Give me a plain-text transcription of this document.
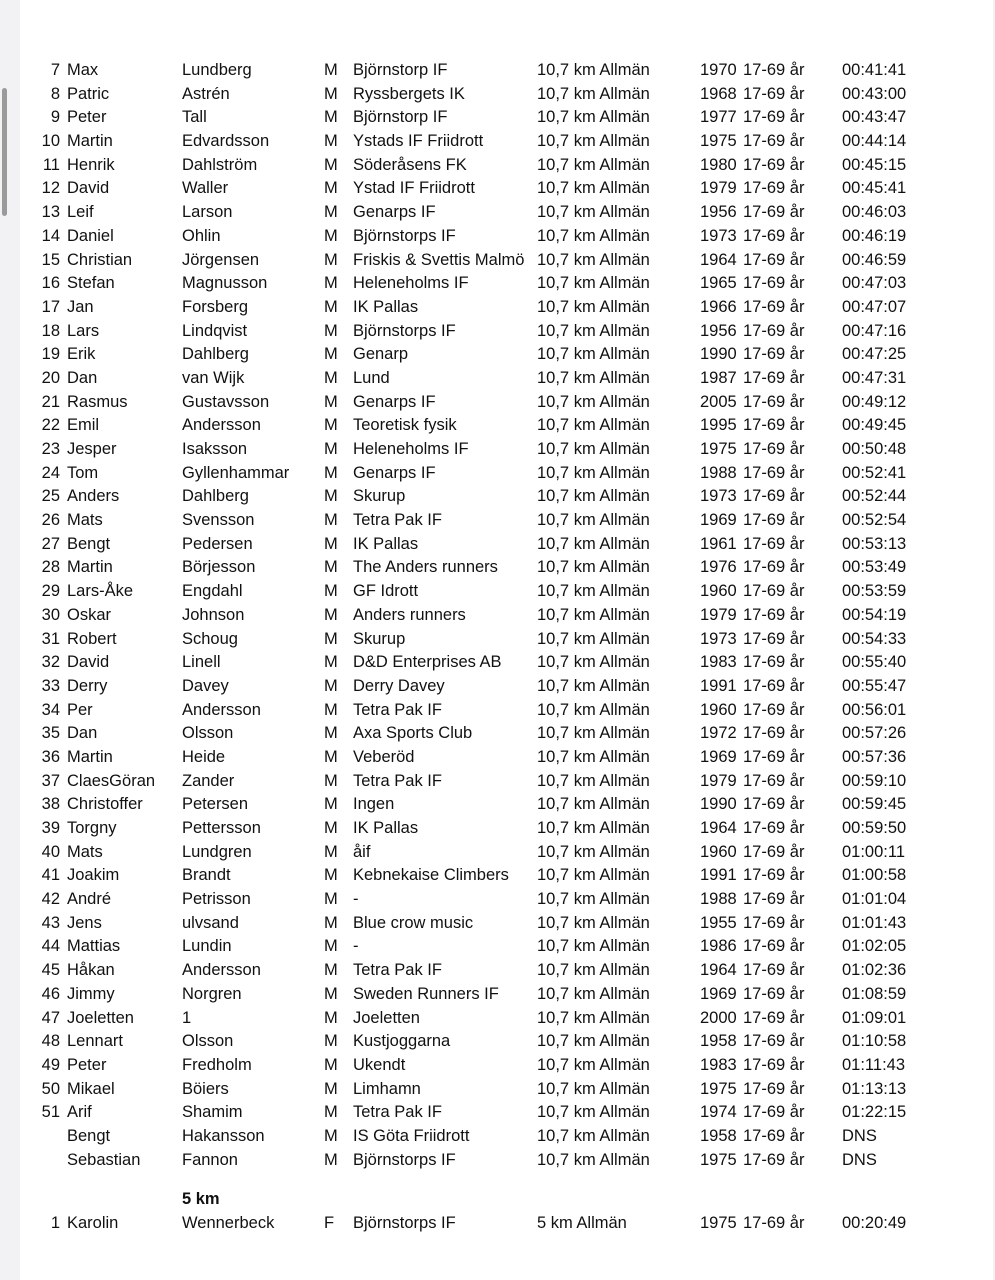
7 Max	Lundberg	M Björnstorp IF	10,7 km Allmän	1970 17-69 år 00:41:41
8 Patric	Astrén	M Ryssbergets IK	10,7 km Allmän	1968 17-69 år 00:43:00
9 Peter	Tall	M Björnstorp IF	10,7 km Allmän	1977 17-69 år 00:43:47
10 Martin	Edvardsson	M Ystads IF Friidrott	10,7 km Allmän	1975 17-69 år 00:44:14
11 Henrik	Dahlström	M Söderåsens FK	10,7 km Allmän	1980 17-69 år 00:45:15
12 David	Waller	M Ystad IF Friidrott	10,7 km Allmän	1979 17-69 år 00:45:41
13 Leif	Larson	M Genarps IF	10,7 km Allmän	1956 17-69 år 00:46:03
14 Daniel	Ohlin	M Björnstorps IF	10,7 km Allmän	1973 17-69 år 00:46:19
15 Christian	Jörgensen	M Friskis & Svettis Malmö 10,7 km Allmän	1964 17-69 år 00:46:59
16 Stefan	Magnusson	M Heleneholms IF	10,7 km Allmän	1965 17-69 år 00:47:03
17 Jan	Forsberg	M IK Pallas	10,7 km Allmän	1966 17-69 år 00:47:07
18 Lars	Lindqvist	M Björnstorps IF	10,7 km Allmän	1956 17-69 år 00:47:16
19 Erik	Dahlberg	M Genarp	10,7 km Allmän	1990 17-69 år 00:47:25
20 Dan	van Wijk	M Lund	10,7 km Allmän	1987 17-69 år 00:47:31
21 Rasmus	Gustavsson	M Genarps IF	10,7 km Allmän	2005 17-69 år 00:49:12
22 Emil	Andersson	M Teoretisk fysik	10,7 km Allmän	1995 17-69 år 00:49:45
23 Jesper	Isaksson	M Heleneholms IF	10,7 km Allmän	1975 17-69 år 00:50:48
24 Tom	Gyllenhammar M Genarps IF	10,7 km Allmän	1988 17-69 år 00:52:41
25 Anders	Dahlberg	M Skurup	10,7 km Allmän	1973 17-69 år 00:52:44
26 Mats	Svensson	M Tetra Pak IF	10,7 km Allmän	1969 17-69 år 00:52:54
27 Bengt	Pedersen	M IK Pallas	10,7 km Allmän	1961 17-69 år 00:53:13
28 Martin	Börjesson	M The Anders runners 10,7 km Allmän	1976 17-69 år 00:53:49
29 Lars-Åke	Engdahl	M GF Idrott	10,7 km Allmän	1960 17-69 år 00:53:59
30 Oskar	Johnson	M Anders runners	10,7 km Allmän	1979 17-69 år 00:54:19
31 Robert	Schoug	M Skurup	10,7 km Allmän	1973 17-69 år 00:54:33
32 David	Linell	M D&D Enterprises AB 10,7 km Allmän	1983 17-69 år 00:55:40
33 Derry	Davey	M Derry Davey	10,7 km Allmän	1991 17-69 år 00:55:47
34 Per	Andersson	M Tetra Pak IF	10,7 km Allmän	1960 17-69 år 00:56:01
35 Dan	Olsson	M Axa Sports Club	10,7 km Allmän	1972 17-69 år 00:57:26
36 Martin	Heide	M Veberöd	10,7 km Allmän	1969 17-69 år 00:57:36
37 ClaesGöran Zander	M Tetra Pak IF	10,7 km Allmän	1979 17-69 år 00:59:10
38 Christoffer Petersen	M Ingen	10,7 km Allmän	1990 17-69 år 00:59:45
39 Torgny	Pettersson	M IK Pallas	10,7 km Allmän	1964 17-69 år 00:59:50
40 Mats	Lundgren	M åif	10,7 km Allmän	1960 17-69 år 01:00:11
41 Joakim	Brandt	M Kebnekaise Climbers 10,7 km Allmän	1991 17-69 år 01:00:58
42 André	Petrisson	M -	10,7 km Allmän	1988 17-69 år 01:01:04
43 Jens	ulvsand	M Blue crow music	10,7 km Allmän	1955 17-69 år 01:01:43
44 Mattias	Lundin	M -	10,7 km Allmän	1986 17-69 år 01:02:05
45 Håkan	Andersson	M Tetra Pak IF	10,7 km Allmän	1964 17-69 år 01:02:36
46 Jimmy	Norgren	M Sweden Runners IF 10,7 km Allmän	1969 17-69 år 01:08:59
47 Joeletten	1	M Joeletten	10,7 km Allmän	2000 17-69 år 01:09:01
48 Lennart	Olsson	M Kustjoggarna	10,7 km Allmän	1958 17-69 år 01:10:58
49 Peter	Fredholm	M Ukendt	10,7 km Allmän	1983 17-69 år 01:11:43
50 Mikael	Böiers	M Limhamn	10,7 km Allmän	1975 17-69 år 01:13:13
51 Arif	Shamim	M Tetra Pak IF	10,7 km Allmän	1974 17-69 år 01:22:15
Bengt	Hakansson	M IS Göta Friidrott	10,7 km Allmän	1958 17-69 år DNS
Sebastian	Fannon	M Björnstorps IF	10,7 km Allmän	1975 17-69 år DNS
5 km
1 Karolin	Wennerbeck	F Björnstorps IF	5 km Allmän	1975 17-69 år 00:20:49
